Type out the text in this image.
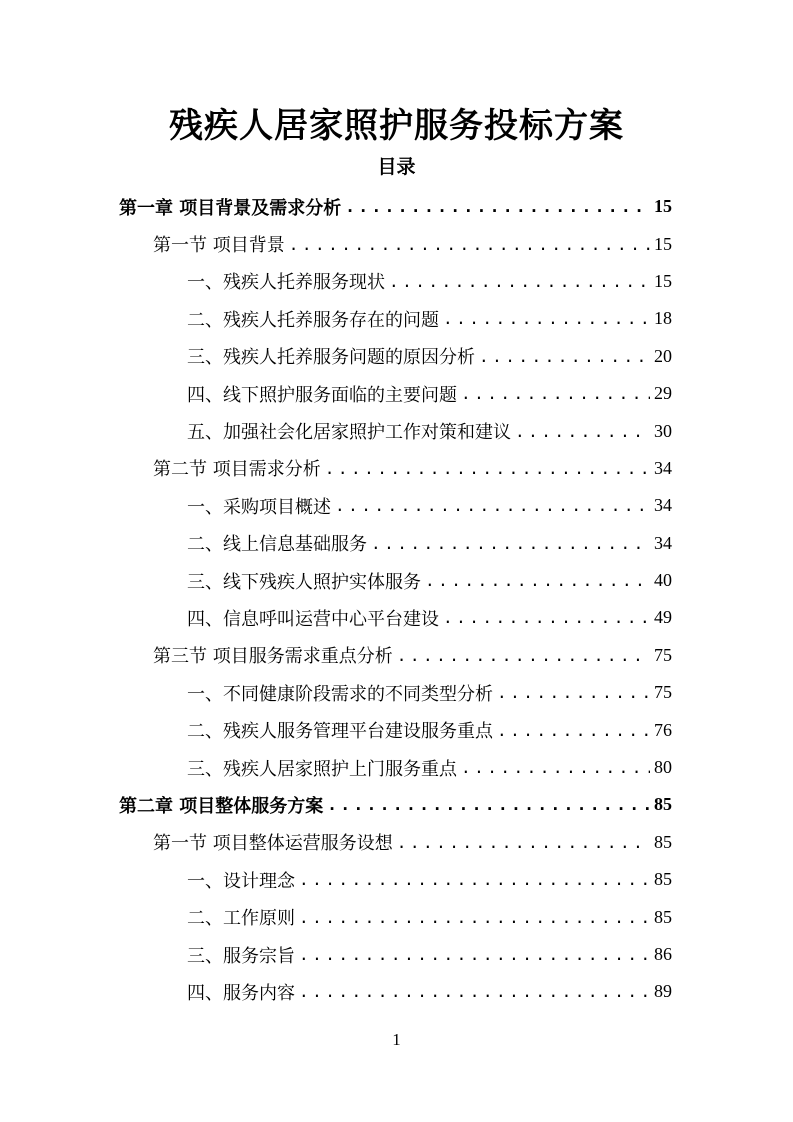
残疾人居家照护服务投标方案
目录
第一章 项目背景及需求分析 .....	15
第一节 项目背景 .....	15
一、残疾人托养服务现状 .....	15
二、残疾人托养服务存在的问题 .....	18
三、残疾人托养服务问题的原因分析 .....	20
四、线下照护服务面临的主要问题 .....	29
五、加强社会化居家照护工作对策和建议 .....	30
第二节 项目需求分析 .....	34
一、采购项目概述 .....	34
二、线上信息基础服务 .....	34
三、线下残疾人照护实体服务 .....	40
四、信息呼叫运营中心平台建设 .....	49
第三节 项目服务需求重点分析 .....	75
一、不同健康阶段需求的不同类型分析 .....	75
二、残疾人服务管理平台建设服务重点 .....	76
三、残疾人居家照护上门服务重点 .....	80
第二章 项目整体服务方案 .....	85
第一节 项目整体运营服务设想 .....	85
一、设计理念 .....	85
二、工作原则 .....	85
三、服务宗旨 .....	86
四、服务内容 .....	89
1
